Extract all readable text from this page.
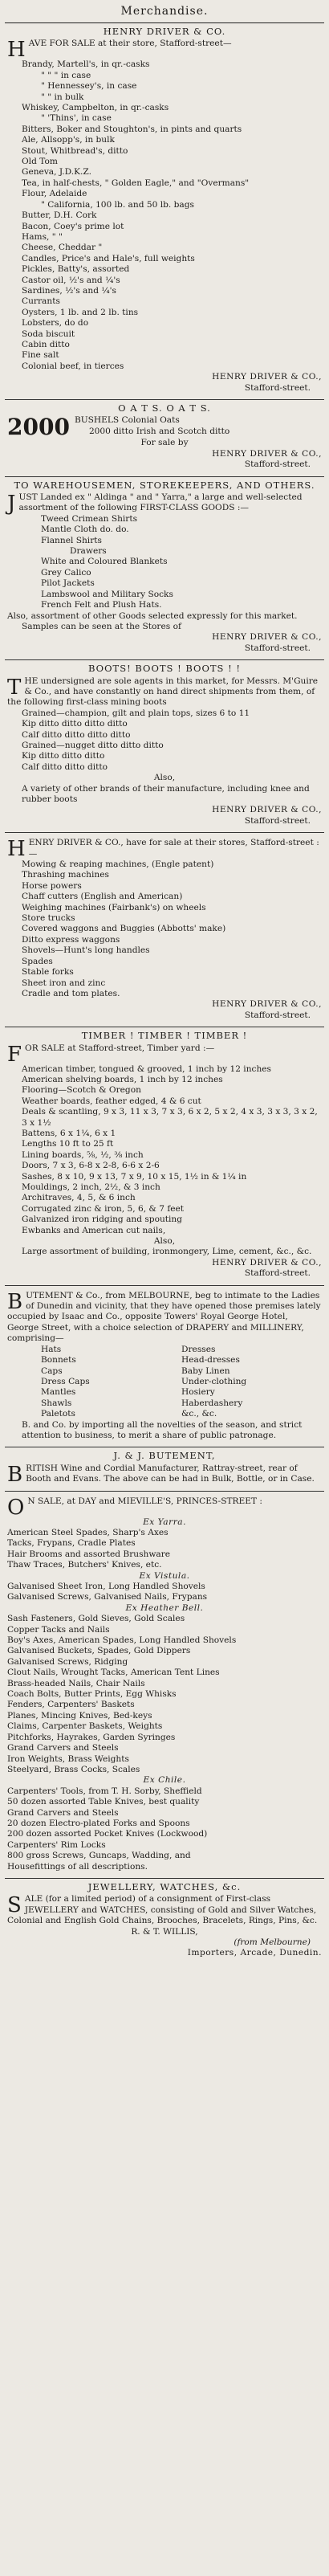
Merchandise.
HENRY DRIVER & CO.
H AVE FOR SALE at their store, Stafford-street—
Brandy, Martell's, in qr.-casks
" " " in case
" Hennessey's, in case
" " in bulk
Whiskey, Campbelton, in qr.-casks
" 'Thins', in case
Bitters, Boker and Stoughton's, in pints and quarts
Ale, Allsopp's, in bulk
Stout, Whitbread's, ditto
Old Tom
Geneva, J.D.K.Z.
Tea, in half-chests, " Golden Eagle," and "Overmans"
Flour, Adelaide
" California, 100 lb. and 50 lb. bags
Butter, D.H. Cork
Bacon, Coey's prime lot
Hams, " "
Cheese, Cheddar "
Candles, Price's and Hale's, full weights
Pickles, Batty's, assorted
Castor oil, ½'s and ¼'s
Sardines, ½'s and ¼'s
Currants
Oysters, 1 lb. and 2 lb. tins
Lobsters, do do
Soda biscuit
Cabin ditto
Fine salt
Colonial beef, in tierces
HENRY DRIVER & CO.,
Stafford-street.
O A T S. O A T S.
2000 BUSHELS Colonial Oats
2000 ditto Irish and Scotch ditto
For sale by
HENRY DRIVER & CO.,
Stafford-street.
TO WAREHOUSEMEN, STOREKEEPERS, AND OTHERS.
J UST Landed ex " Aldinga " and " Yarra," a large and well-selected assortment of the following FIRST-CLASS GOODS :—
Tweed Crimean Shirts
Mantle Cloth do. do.
Flannel Shirts
Drawers
White and Coloured Blankets
Grey Calico
Pilot Jackets
Lambswool and Military Socks
French Felt and Plush Hats.
Also, assortment of other Goods selected expressly for this market.
Samples can be seen at the Stores of
HENRY DRIVER & CO.,
Stafford-street.
BOOTS! BOOTS ! BOOTS ! !
T HE undersigned are sole agents in this market, for Messrs. M'Guire & Co., and have constantly on hand direct shipments from them, of the following first-class mining boots
Grained—champion, gilt and plain tops, sizes 6 to 11
Kip ditto ditto ditto ditto
Calf ditto ditto ditto ditto
Grained—nugget ditto ditto ditto
Kip ditto ditto ditto
Calf ditto ditto ditto
Also,
A variety of other brands of their manufacture, including knee and rubber boots
HENRY DRIVER & CO.,
Stafford-street.
H ENRY DRIVER & CO., have for sale at their stores, Stafford-street :—
Mowing & reaping machines, (Engle patent)
Thrashing machines
Horse powers
Chaff cutters (English and American)
Weighing machines (Fairbank's) on wheels
Store trucks
Covered waggons and Buggies (Abbotts' make)
Ditto express waggons
Shovels—Hunt's long handles
Spades
Stable forks
Sheet iron and zinc
Cradle and tom plates.
HENRY DRIVER & CO.,
Stafford-street.
TIMBER ! TIMBER ! TIMBER !
F OR SALE at Stafford-street, Timber yard :—
American timber, tongued & grooved, 1 inch by 12 inches
American shelving boards, 1 inch by 12 inches
Flooring—Scotch & Oregon
Weather boards, feather edged, 4 & 6 cut
Deals & scantling, 9 x 3, 11 x 3, 7 x 3, 6 x 2, 5 x 2, 4 x 3, 3 x 3, 3 x 2, 3 x 1½
Battens, 6 x 1¼, 6 x 1
Lengths 10 ft to 25 ft
Lining boards, ⅝, ½, ⅜ inch
Doors, 7 x 3, 6-8 x 2-8, 6-6 x 2-6
Sashes, 8 x 10, 9 x 13, 7 x 9, 10 x 15, 1½ in & 1¼ in
Mouldings, 2 inch, 2½, & 3 inch
Architraves, 4, 5, & 6 inch
Corrugated zinc & iron, 5, 6, & 7 feet
Galvanized iron ridging and spouting
Ewbanks and American cut nails,
Also,
Large assortment of building, ironmongery, Lime, cement, &c., &c.
HENRY DRIVER & CO.,
Stafford-street.
B UTEMENT & Co., from MELBOURNE, beg to intimate to the Ladies of Dunedin and vicinity, that they have opened those premises lately occupied by Isaac and Co., opposite Towers' Royal George Hotel, George Street, with a choice selection of DRAPERY and MILLINERY, comprising—
Hats	Dresses
Bonnets	Head-dresses
Caps	Baby Linen
Dress Caps	Under-clothing
Mantles	Hosiery
Shawls	Haberdashery
Paletots	&c., &c.
B. and Co. by importing all the novelties of the season, and strict attention to business, to merit a share of public patronage.
J. & J. BUTEMENT,
B RITISH Wine and Cordial Manufacturer, Rattray-street, rear of Booth and Evans. The above can be had in Bulk, Bottle, or in Case.
O N SALE, at DAY and MIEVILLE'S, PRINCES-STREET :
Ex Yarra.
American Steel Spades, Sharp's Axes
Tacks, Frypans, Cradle Plates
Hair Brooms and assorted Brushware
Thaw Traces, Butchers' Knives, etc.
Ex Vistula.
Galvanised Sheet Iron, Long Handled Shovels
Galvanised Screws, Galvanised Nails, Frypans
Ex Heather Bell.
Sash Fasteners, Gold Sieves, Gold Scales
Copper Tacks and Nails
Boy's Axes, American Spades, Long Handled Shovels
Galvanised Buckets, Spades, Gold Dippers
Galvanised Screws, Ridging
Clout Nails, Wrought Tacks, American Tent Lines
Brass-headed Nails, Chair Nails
Coach Bolts, Butter Prints, Egg Whisks
Fenders, Carpenters' Baskets
Planes, Mincing Knives, Bed-keys
Claims, Carpenter Baskets, Weights
Pitchforks, Hayrakes, Garden Syringes
Grand Carvers and Steels
Iron Weights, Brass Weights
Steelyard, Brass Cocks, Scales
Ex Chile.
Carpenters' Tools, from T. H. Sorby, Sheffield
50 dozen assorted Table Knives, best quality
Grand Carvers and Steels
20 dozen Electro-plated Forks and Spoons
200 dozen assorted Pocket Knives (Lockwood)
Carpenters' Rim Locks
800 gross Screws, Guncaps, Wadding, and
Housefittings of all descriptions.
JEWELLERY, WATCHES, &c.
S ALE (for a limited period) of a consignment of First-class JEWELLERY and WATCHES, consisting of Gold and Silver Watches, Colonial and English Gold Chains, Brooches, Bracelets, Rings, Pins, &c.
R. & T. WILLIS,
(from Melbourne)
Importers, Arcade, Dunedin.
